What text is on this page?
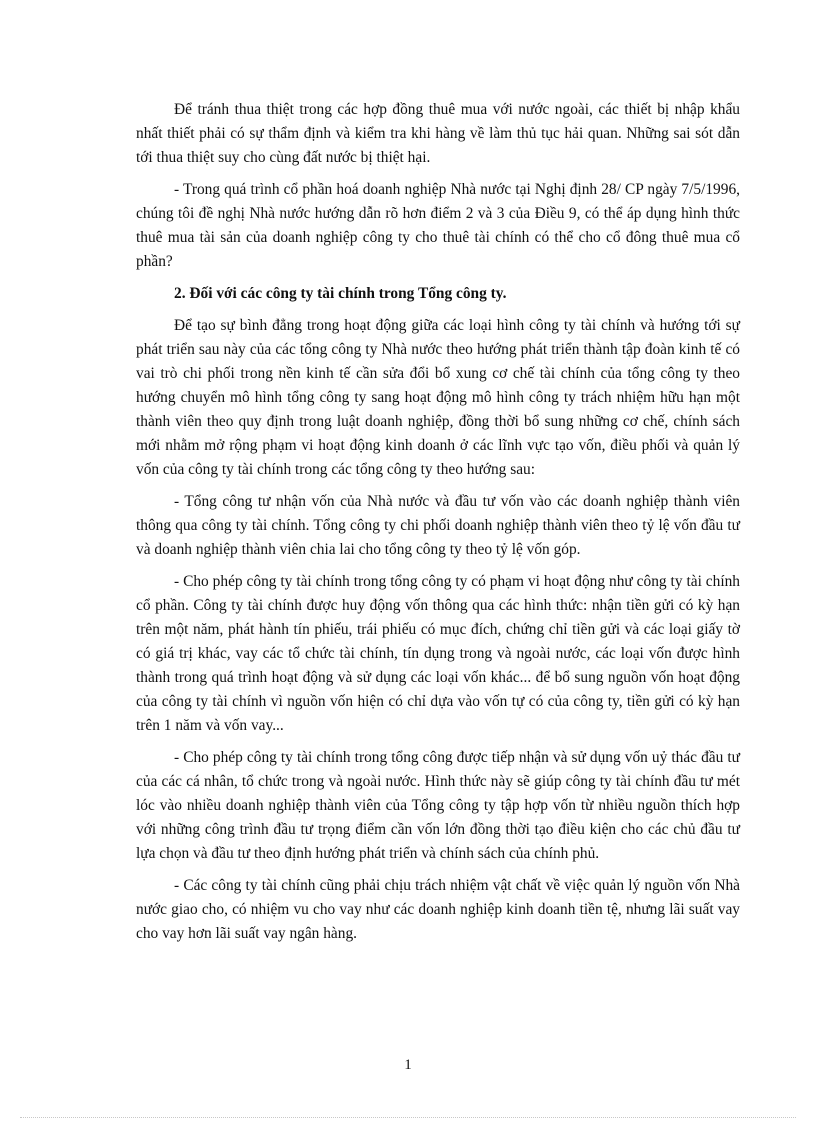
Để tránh thua thiệt trong các hợp đồng thuê mua với nước ngoài, các thiết bị nhập khẩu nhất thiết phải có sự thẩm định và kiểm tra khi hàng về làm thủ tục hải quan. Những sai sót dẫn tới thua thiệt suy cho cùng đất nước bị thiệt hại.

- Trong quá trình cổ phần hoá doanh nghiệp Nhà nước tại Nghị định 28/ CP ngày 7/5/1996, chúng tôi đề nghị Nhà nước hướng dẫn rõ hơn điểm 2 và 3 của Điều 9, có thể áp dụng hình thức thuê mua tài sản của doanh nghiệp công ty cho thuê tài chính có thể cho cổ đông thuê mua cổ phần?

2. Đối với các công ty tài chính trong Tổng công ty.

Để tạo sự bình đẳng trong hoạt động giữa các loại hình công ty tài chính và hướng tới sự phát triển sau này của các tổng công ty Nhà nước theo hướng phát triển thành tập đoàn kinh tế có vai trò chi phối trong nền kinh tế cần sửa đổi bổ xung cơ chế tài chính của tổng công ty theo hướng chuyển mô hình tổng công ty sang hoạt động mô hình công ty trách nhiệm hữu hạn một thành viên theo quy định trong luật doanh nghiệp, đồng thời bổ sung những cơ chế, chính sách mới nhằm mở rộng phạm vi hoạt động kinh doanh ở các lĩnh vực tạo vốn, điều phối và quản lý vốn của công ty tài chính trong các tổng công ty theo hướng sau:

- Tổng công tư nhận vốn của Nhà nước và đầu tư vốn vào các doanh nghiệp thành viên thông qua công ty tài chính. Tổng công ty chi phối doanh nghiệp thành viên theo tỷ lệ vốn đầu tư và doanh nghiệp thành viên chia lai cho tổng công ty theo tỷ lệ vốn góp.

- Cho phép công ty tài chính trong tổng công ty có phạm vi hoạt động như công ty tài chính cổ phần. Công ty tài chính được huy động vốn thông qua các hình thức: nhận tiền gửi có kỳ hạn trên một năm, phát hành tín phiếu, trái phiếu có mục đích, chứng chỉ tiền gửi và các loại giấy tờ có giá trị khác, vay các tổ chức tài chính, tín dụng trong và ngoài nước, các loại vốn được hình thành trong quá trình hoạt động và sử dụng các loại vốn khác... để bổ sung nguồn vốn hoạt động của công ty tài chính vì nguồn vốn hiện có chỉ dựa vào vốn tự có của công ty, tiền gửi có kỳ hạn trên 1 năm và vốn vay...

- Cho phép công ty tài chính trong tổng công được tiếp nhận và sử dụng vốn uỷ thác đầu tư của các cá nhân, tổ chức trong và ngoài nước. Hình thức này sẽ giúp công ty tài chính đầu tư mét lóc vào nhiều doanh nghiệp thành viên của Tổng công ty tập hợp vốn từ nhiều nguồn thích hợp với những công trình đầu tư trọng điểm cần vốn lớn đồng thời tạo điều kiện cho các chủ đầu tư lựa chọn và đầu tư theo định hướng phát triển và chính sách của chính phủ.

- Các công ty tài chính cũng phải chịu trách nhiệm vật chất về việc quản lý nguồn vốn Nhà nước giao cho, có nhiệm vu cho vay như các doanh nghiệp kinh doanh tiền tệ, nhưng lãi suất vay cho vay hơn lãi suất vay ngân hàng.

1
